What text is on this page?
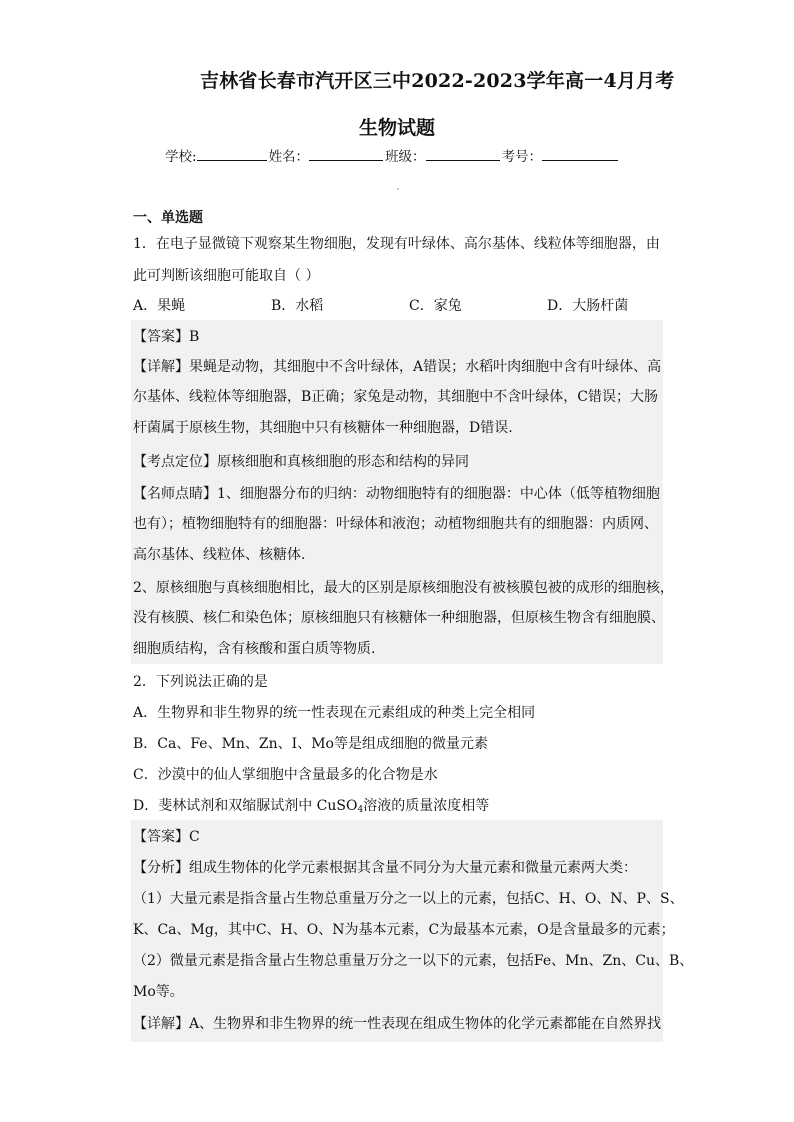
吉林省长春市汽开区三中2022-2023学年高一4月月考
生物试题
学校:	姓名：	班级：	考号：
一、单选题
1．在电子显微镜下观察某生物细胞，发现有叶绿体、高尔基体、线粒体等细胞器，由
此可判断该细胞可能取自（ ）
A．果蝇	B．水稻	C．家兔	D．大肠杆菌
【答案】B
【详解】果蝇是动物，其细胞中不含叶绿体，A错误；水稻叶肉细胞中含有叶绿体、高
尔基体、线粒体等细胞器，B正确；家兔是动物，其细胞中不含叶绿体，C错误；大肠
杆菌属于原核生物，其细胞中只有核糖体一种细胞器，D错误.
【考点定位】原核细胞和真核细胞的形态和结构的异同
【名师点睛】1、细胞器分布的归纳：动物细胞特有的细胞器：中心体（低等植物细胞
也有）；植物细胞特有的细胞器：叶绿体和液泡；动植物细胞共有的细胞器：内质网、
高尔基体、线粒体、核糖体.
2、原核细胞与真核细胞相比，最大的区别是原核细胞没有被核膜包被的成形的细胞核，
没有核膜、核仁和染色体；原核细胞只有核糖体一种细胞器，但原核生物含有细胞膜、
细胞质结构，含有核酸和蛋白质等物质.
2．下列说法正确的是
A．生物界和非生物界的统一性表现在元素组成的种类上完全相同
B．Ca、Fe、Mn、Zn、I、Mo等是组成细胞的微量元素
C．沙漠中的仙人掌细胞中含量最多的化合物是水
D．斐林试剂和双缩脲试剂中 CuSO$_4$溶液的质量浓度相等
【答案】C
【分析】组成生物体的化学元素根据其含量不同分为大量元素和微量元素两大类：
（1）大量元素是指含量占生物总重量万分之一以上的元素，包括C、H、O、N、P、S、
K、Ca、Mg，其中C、H、O、N为基本元素，C为最基本元素，O是含量最多的元素；
（2）微量元素是指含量占生物总重量万分之一以下的元素，包括Fe、Mn、Zn、Cu、B、
Mo等。
【详解】A、生物界和非生物界的统一性表现在组成生物体的化学元素都能在自然界找
